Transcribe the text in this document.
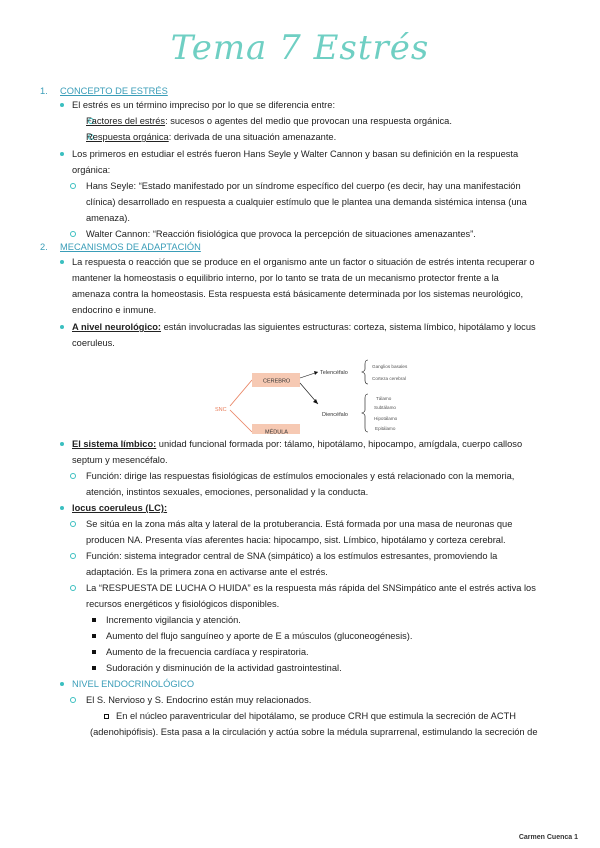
Tema 7 Estrés
1. CONCEPTO DE ESTRÉS
El estrés es un término impreciso por lo que se diferencia entre:
Factores del estrés: sucesos o agentes del medio que provocan una respuesta orgánica.
Respuesta orgánica: derivada de una situación amenazante.
Los primeros en estudiar el estrés fueron Hans Seyle y Walter Cannon y basan su definición en la respuesta
orgánica:
Hans Seyle: “Estado manifestado por un síndrome específico del cuerpo (es decir, hay una manifestación
clínica) desarrollado en respuesta a cualquier estímulo que le plantea una demanda sistémica intensa (una
amenaza).
Walter Cannon: “Reacción fisiológica que provoca la percepción de situaciones amenazantes”.
2. MECANISMOS DE ADAPTACIÓN
La respuesta o reacción que se produce en el organismo ante un factor o situación de estrés intenta recuperar o
mantener la homeostasis o equilibrio interno, por lo tanto se trata de un mecanismo protector frente a la
amenaza contra la homeostasis. Esta respuesta está básicamente determinada por los sistemas neurológico,
endocrino e inmune.
A nivel neurológico: están involucradas las siguientes estructuras: corteza, sistema límbico, hipotálamo y locus
coeruleus.
SNC
CEREBRO
MÉDULA
Telencéfalo
Diencéfalo
Ganglios basales
Corteza cerebral
Tálamo
Subtálamo
Hipotálamo
Epitálamo
El sistema límbico: unidad funcional formada por: tálamo, hipotálamo, hipocampo, amígdala, cuerpo calloso
septum y mesencéfalo.
Función: dirige las respuestas fisiológicas de estímulos emocionales y está relacionado con la memoria,
atención, instintos sexuales, emociones, personalidad y la conducta.
locus coeruleus (LC):
Se sitúa en la zona más alta y lateral de la protuberancia. Está formada por una masa de neuronas que
producen NA. Presenta vías aferentes hacia: hipocampo, sist. Límbico, hipotálamo y corteza cerebral.
Función: sistema integrador central de SNA (simpático) a los estímulos estresantes, promoviendo la
adaptación. Es la primera zona en activarse ante el estrés.
La “RESPUESTA DE LUCHA O HUIDA” es la respuesta más rápida del SNSimpático ante el estrés activa los
recursos energéticos y fisiológicos disponibles.
Incremento vigilancia y atención.
Aumento del flujo sanguíneo y aporte de E a músculos (gluconeogénesis).
Aumento de la frecuencia cardíaca y respiratoria.
Sudoración y disminución de la actividad gastrointestinal.
NIVEL ENDOCRINOLÓGICO
El S. Nervioso y S. Endocrino están muy relacionados.
En el núcleo paraventricular del hipotálamo, se produce CRH que estimula la secreción de ACTH
(adenohipófisis). Esta pasa a la circulación y actúa sobre la médula suprarrenal, estimulando la secreción de
Carmen Cuenca 1
